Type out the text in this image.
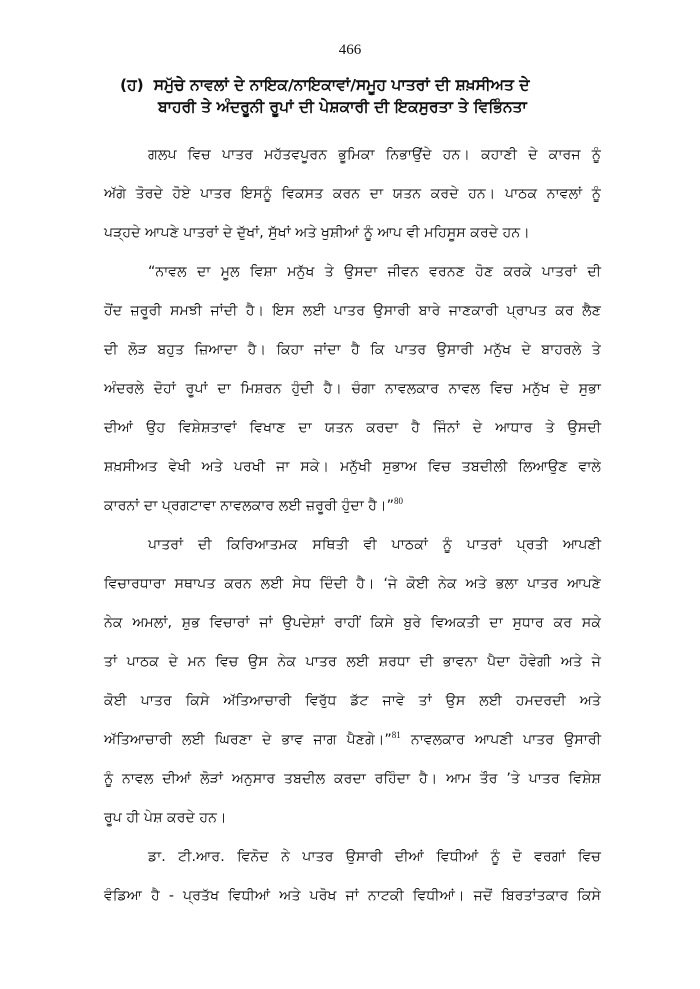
466
(ਹ) ਸਮੁੱਚੇ ਨਾਵਲਾਂ ਦੇ ਨਾਇਕ/ਨਾਇਕਾਵਾਂ/ਸਮੂਹ ਪਾਤਰਾਂ ਦੀ ਸ਼ਖ਼ਸੀਅਤ ਦੇ
ਬਾਹਰੀ ਤੇ ਅੰਦਰੂਨੀ ਰੂਪਾਂ ਦੀ ਪੇਸ਼ਕਾਰੀ ਦੀ ਇਕਸੁਰਤਾ ਤੇ ਵਿਭਿੰਨਤਾ
ਗਲਪ ਵਿਚ ਪਾਤਰ ਮਹੱਤਵਪੂਰਨ ਭੂਮਿਕਾ ਨਿਭਾਉਂਦੇ ਹਨ। ਕਹਾਣੀ ਦੇ ਕਾਰਜ ਨੂੰ
ਅੱਗੇ ਤੋਰਦੇ ਹੋਏ ਪਾਤਰ ਇਸਨੂੰ ਵਿਕਸਤ ਕਰਨ ਦਾ ਯਤਨ ਕਰਦੇ ਹਨ। ਪਾਠਕ ਨਾਵਲਾਂ ਨੂੰ
ਪੜ੍ਹਦੇ ਆਪਣੇ ਪਾਤਰਾਂ ਦੇ ਦੁੱਖਾਂ, ਸੁੱਖਾਂ ਅਤੇ ਖੁਸ਼ੀਆਂ ਨੂੰ ਆਪ ਵੀ ਮਹਿਸੂਸ ਕਰਦੇ ਹਨ।
“ਨਾਵਲ ਦਾ ਮੂਲ ਵਿਸ਼ਾ ਮਨੁੱਖ ਤੇ ਉਸਦਾ ਜੀਵਨ ਵਰਨਣ ਹੋਣ ਕਰਕੇ ਪਾਤਰਾਂ ਦੀ
ਹੋਂਦ ਜ਼ਰੂਰੀ ਸਮਝੀ ਜਾਂਦੀ ਹੈ। ਇਸ ਲਈ ਪਾਤਰ ਉਸਾਰੀ ਬਾਰੇ ਜਾਣਕਾਰੀ ਪ੍ਰਾਪਤ ਕਰ ਲੈਣ
ਦੀ ਲੋੜ ਬਹੁਤ ਜ਼ਿਆਦਾ ਹੈ। ਕਿਹਾ ਜਾਂਦਾ ਹੈ ਕਿ ਪਾਤਰ ਉਸਾਰੀ ਮਨੁੱਖ ਦੇ ਬਾਹਰਲੇ ਤੇ
ਅੰਦਰਲੇ ਦੋਹਾਂ ਰੂਪਾਂ ਦਾ ਮਿਸ਼ਰਨ ਹੁੰਦੀ ਹੈ। ਚੰਗਾ ਨਾਵਲਕਾਰ ਨਾਵਲ ਵਿਚ ਮਨੁੱਖ ਦੇ ਸੁਭਾ
ਦੀਆਂ ਉਹ ਵਿਸ਼ੇਸ਼ਤਾਵਾਂ ਵਿਖਾਣ ਦਾ ਯਤਨ ਕਰਦਾ ਹੈ ਜਿੰਨਾਂ ਦੇ ਆਧਾਰ ਤੇ ਉਸਦੀ
ਸ਼ਖ਼ਸੀਅਤ ਵੇਖੀ ਅਤੇ ਪਰਖੀ ਜਾ ਸਕੇ। ਮਨੁੱਖੀ ਸੁਭਾਅ ਵਿਚ ਤਬਦੀਲੀ ਲਿਆਉਣ ਵਾਲੇ
ਕਾਰਨਾਂ ਦਾ ਪ੍ਰਗਟਾਵਾ ਨਾਵਲਕਾਰ ਲਈ ਜ਼ਰੂਰੀ ਹੁੰਦਾ ਹੈ।”$^{80}$
ਪਾਤਰਾਂ ਦੀ ਕਿਰਿਆਤਮਕ ਸਥਿਤੀ ਵੀ ਪਾਠਕਾਂ ਨੂੰ ਪਾਤਰਾਂ ਪ੍ਰਤੀ ਆਪਣੀ
ਵਿਚਾਰਧਾਰਾ ਸਥਾਪਤ ਕਰਨ ਲਈ ਸੇਧ ਦਿੰਦੀ ਹੈ। ‘ਜੇ ਕੋਈ ਨੇਕ ਅਤੇ ਭਲਾ ਪਾਤਰ ਆਪਣੇ
ਨੇਕ ਅਮਲਾਂ, ਸ਼ੁਭ ਵਿਚਾਰਾਂ ਜਾਂ ਉਪਦੇਸ਼ਾਂ ਰਾਹੀਂ ਕਿਸੇ ਬੁਰੇ ਵਿਅਕਤੀ ਦਾ ਸੁਧਾਰ ਕਰ ਸਕੇ
ਤਾਂ ਪਾਠਕ ਦੇ ਮਨ ਵਿਚ ਉਸ ਨੇਕ ਪਾਤਰ ਲਈ ਸ਼ਰਧਾ ਦੀ ਭਾਵਨਾ ਪੈਦਾ ਹੋਵੇਗੀ ਅਤੇ ਜੇ
ਕੋਈ ਪਾਤਰ ਕਿਸੇ ਅੱਤਿਆਚਾਰੀ ਵਿਰੁੱਧ ਡੱਟ ਜਾਵੇ ਤਾਂ ਉਸ ਲਈ ਹਮਦਰਦੀ ਅਤੇ
ਅੱਤਿਆਚਾਰੀ ਲਈ ਘਿਰਣਾ ਦੇ ਭਾਵ ਜਾਗ ਪੈਣਗੇ।”$^{81}$ ਨਾਵਲਕਾਰ ਆਪਣੀ ਪਾਤਰ ਉਸਾਰੀ
ਨੂੰ ਨਾਵਲ ਦੀਆਂ ਲੋੜਾਂ ਅਨੁਸਾਰ ਤਬਦੀਲ ਕਰਦਾ ਰਹਿੰਦਾ ਹੈ। ਆਮ ਤੌਰ ’ਤੇ ਪਾਤਰ ਵਿਸ਼ੇਸ਼
ਰੂਪ ਹੀ ਪੇਸ਼ ਕਰਦੇ ਹਨ।
ਡਾ. ਟੀ.ਆਰ. ਵਿਨੋਦ ਨੇ ਪਾਤਰ ਉਸਾਰੀ ਦੀਆਂ ਵਿਧੀਆਂ ਨੂੰ ਦੋ ਵਰਗਾਂ ਵਿਚ
ਵੰਡਿਆ ਹੈ - ਪ੍ਰਤੱਖ ਵਿਧੀਆਂ ਅਤੇ ਪਰੋਖ ਜਾਂ ਨਾਟਕੀ ਵਿਧੀਆਂ। ਜਦੋਂ ਬਿਰਤਾਂਤਕਾਰ ਕਿਸੇ
